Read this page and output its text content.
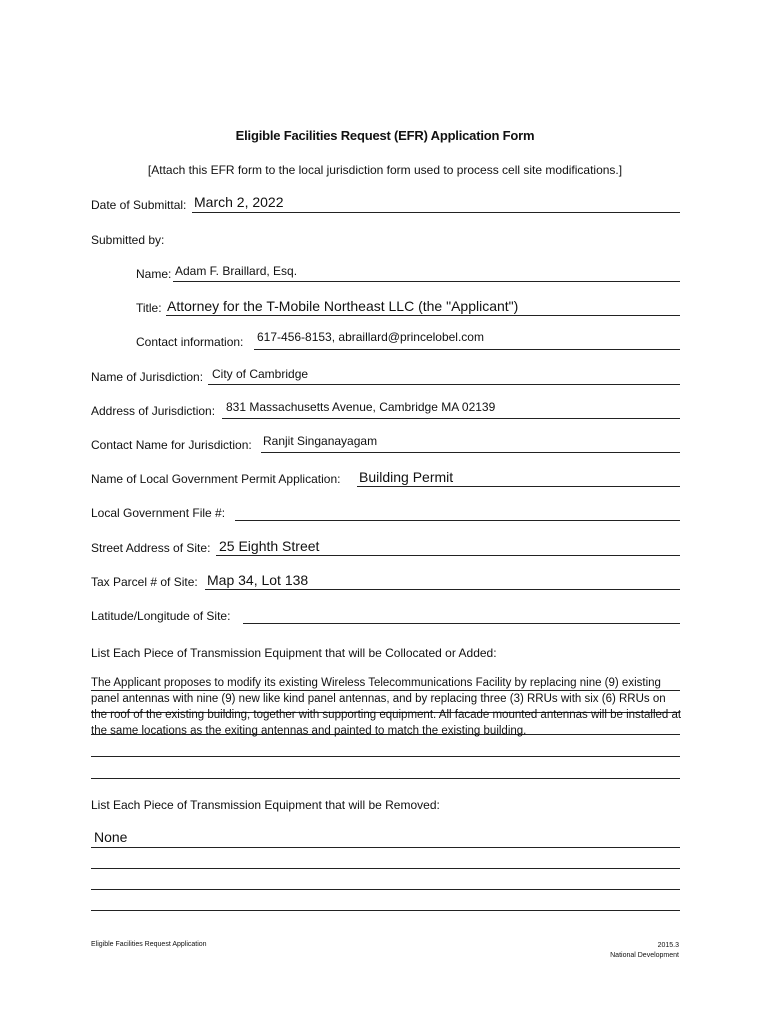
Eligible Facilities Request (EFR) Application Form
[Attach this EFR form to the local jurisdiction form used to process cell site modifications.]
Date of Submittal: March 2, 2022
Submitted by:
Name: Adam F. Braillard, Esq.
Title: Attorney for the T-Mobile Northeast LLC (the "Applicant")
Contact information: 617-456-8153, abraillard@princelobel.com
Name of Jurisdiction: City of Cambridge
Address of Jurisdiction: 831 Massachusetts Avenue, Cambridge MA 02139
Contact Name for Jurisdiction: Ranjit Singanayagam
Name of Local Government Permit Application: Building Permit
Local Government File #:
Street Address of Site: 25 Eighth Street
Tax Parcel # of Site: Map 34, Lot 138
Latitude/Longitude of Site:
List Each Piece of Transmission Equipment that will be Collocated or Added:
The Applicant proposes to modify its existing Wireless Telecommunications Facility by replacing nine (9) existing panel antennas with nine (9) new like kind panel antennas, and by replacing three (3) RRUs with six (6) RRUs on the roof of the existing building, together with supporting equipment. All facade mounted antennas will be installed at the same locations as the exiting antennas and painted to match the existing building.
List Each Piece of Transmission Equipment that will be Removed:
None
Eligible Facilities Request Application	2015.3
National Development
